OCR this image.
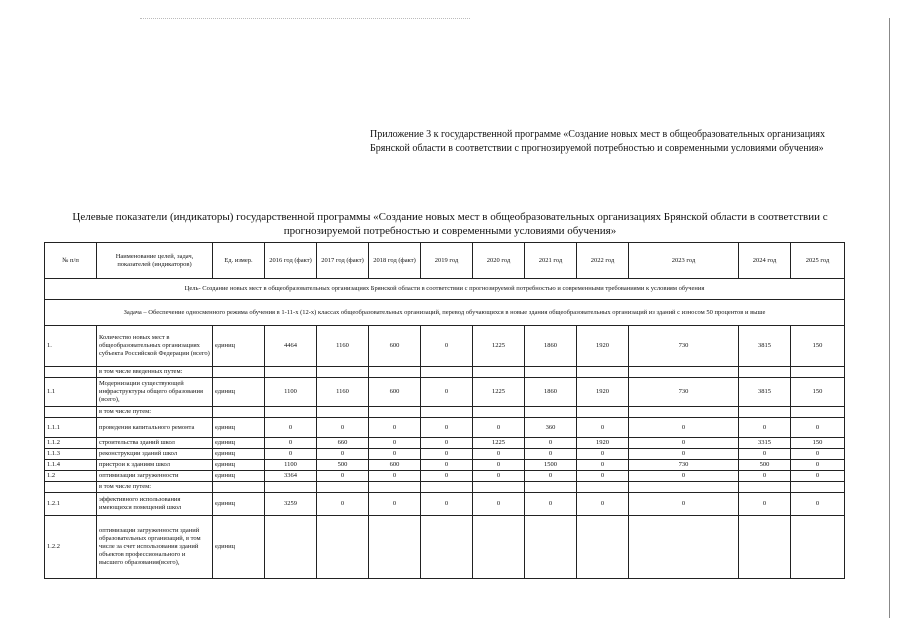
Приложение 3 к государственной программе «Создание новых мест в общеобразовательных организациях Брянской области в соответствии с прогнозируемой потребностью и современными условиями обучения»
Целевые показатели (индикаторы) государственной программы «Создание новых мест в общеобразовательных организациях Брянской области в соответствии с прогнозируемой потребностью и современными условиями обучения»
№ п/п	Наименование целей, задач, показателей (индикаторов)	Ед. измер.	2016 год (факт)	2017 год (факт)	2018 год (факт)	2019 год	2020 год	2021 год	2022 год	2023 год	2024 год	2025 год
Цель- Создание новых мест в общеобразовательных организациях Брянской области в соответствии с прогнозируемой потребностью и современными требованиями к условиям обучения												
Задача – Обеспечение односменного режима обучения в 1-11-х (12-х) классах общеобразовательных организаций, перевод обучающихся в новые здания общеобразовательных организаций из зданий с износом 50 процентов и выше												
1.	Количество новых мест в общеобразовательных организациях субъекта Российской Федерации (всего)	единиц	4464	1160	600	0	1225	1860	1920	730	3815	150
	в том числе введенных путем:											
1.1	Модернизации существующей инфраструктуры общего образования (всего),	единиц	1100	1160	600	0	1225	1860	1920	730	3815	150
	в том числе путем:											
1.1.1	проведения капитального ремонта	единиц	0	0	0	0	0	360	0	0	0	0
1.1.2	строительства зданий школ	единиц	0	660	0	0	1225	0	1920	0	3315	150
1.1.3	реконструкции зданий школ	единиц	0	0	0	0	0	0	0	0	0	0
1.1.4	пристрои к зданиям школ	единиц	1100	500	600	0	0	1500	0	730	500	0
1.2	оптимизации загруженности	единиц	3364	0	0	0	0	0	0	0	0	0
	в том числе путем:											
1.2.1	эффективного использования имеющихся помещений школ	единиц	3259	0	0	0	0	0	0	0	0	0
1.2.2	оптимизации загруженности зданий образовательных организаций, в том числе за счет использования зданий объектов профессионального и высшего образования(всего),	единиц										
